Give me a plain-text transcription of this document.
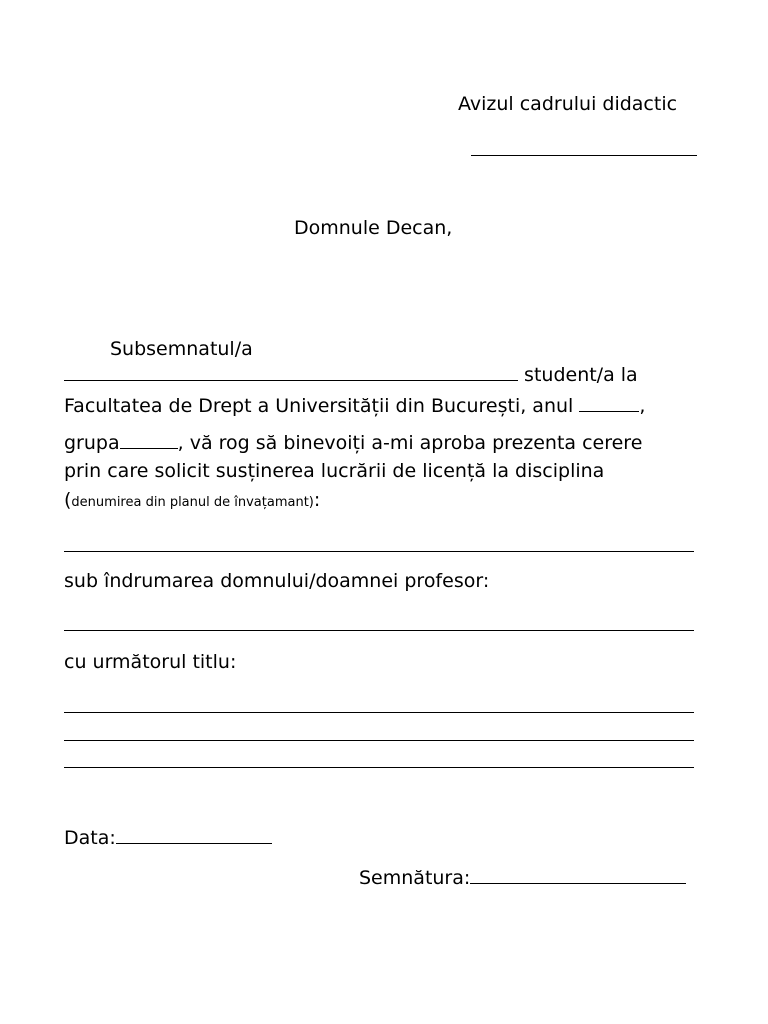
Avizul cadrului didactic
Domnule Decan,
Subsemnatul/a
student/a la
Facultatea de Drept a Universității din București, anul	,
grupa	, vă rog să binevoiți a-mi aproba prezenta cerere
prin care solicit susținerea lucrării de licență la disciplina
(denumirea din planul de învațamant):
sub îndrumarea domnului/doamnei profesor:
cu următorul titlu:
Data:
Semnătura:
